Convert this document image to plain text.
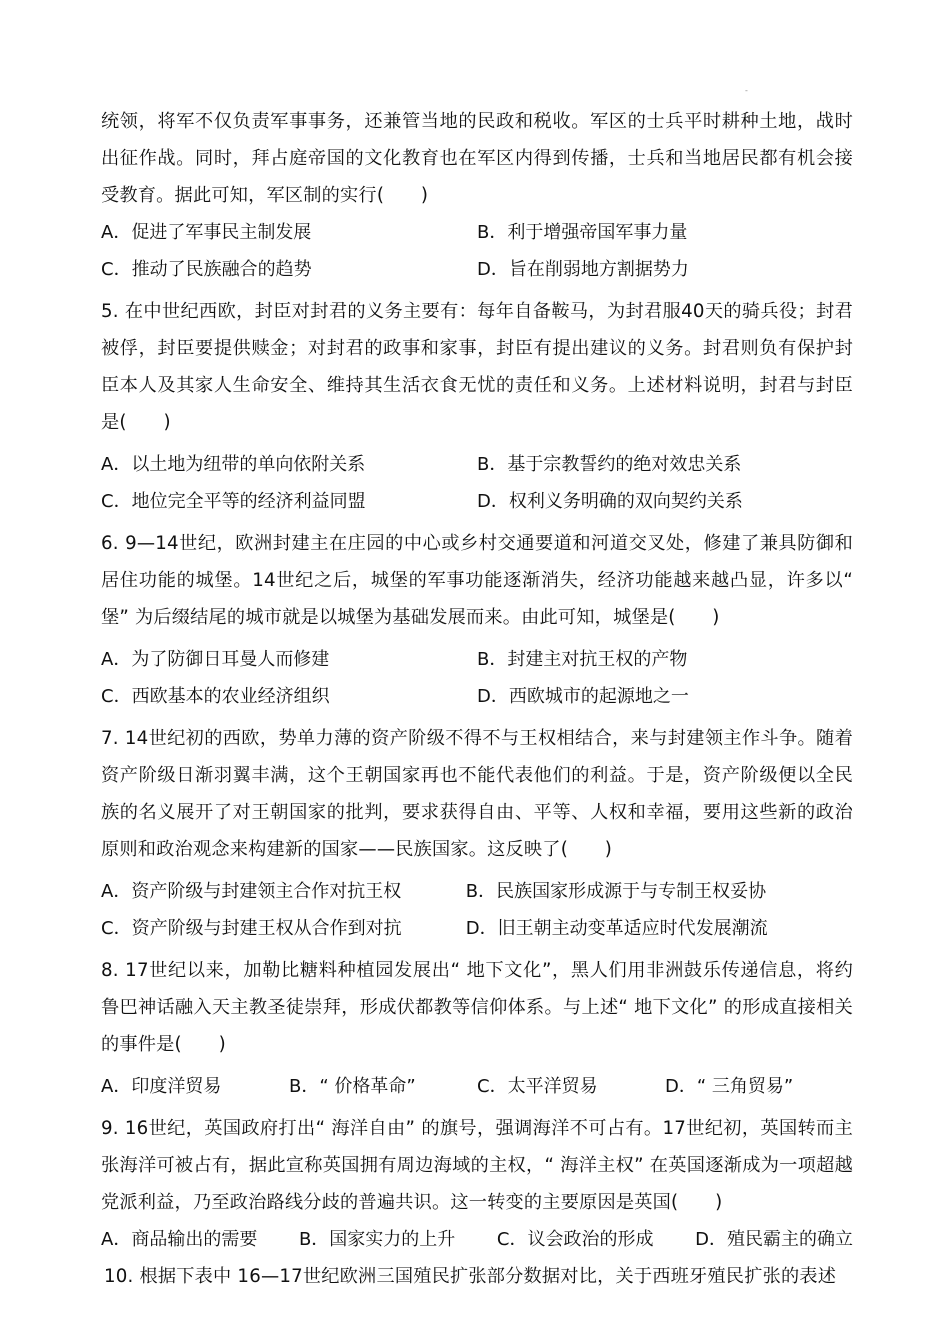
-

统领，将军不仅负责军事事务，还兼管当地的民政和税收。军区的士兵平时耕种土地，战时出征作战。同时，拜占庭帝国的文化教育也在军区内得到传播，士兵和当地居民都有机会接受教育。据此可知，军区制的实行(　　)

A．促进了军事民主制发展	B．利于增强帝国军事力量
C．推动了民族融合的趋势	D．旨在削弱地方割据势力

5. 在中世纪西欧，封臣对封君的义务主要有：每年自备鞍马，为封君服40天的骑兵役；封君被俘，封臣要提供赎金；对封君的政事和家事，封臣有提出建议的义务。封君则负有保护封臣本人及其家人生命安全、维持其生活衣食无忧的责任和义务。上述材料说明，封君与封臣是(　　)

A．以土地为纽带的单向依附关系	B．基于宗教誓约的绝对效忠关系
C．地位完全平等的经济利益同盟	D．权利义务明确的双向契约关系

6. 9—14世纪，欧洲封建主在庄园的中心或乡村交通要道和河道交叉处，修建了兼具防御和居住功能的城堡。14世纪之后，城堡的军事功能逐渐消失，经济功能越来越凸显，许多以“ 堡” 为后缀结尾的城市就是以城堡为基础发展而来。由此可知，城堡是(　　)

A．为了防御日耳曼人而修建	B．封建主对抗王权的产物
C．西欧基本的农业经济组织	D．西欧城市的起源地之一

7. 14世纪初的西欧，势单力薄的资产阶级不得不与王权相结合，来与封建领主作斗争。随着资产阶级日渐羽翼丰满，这个王朝国家再也不能代表他们的利益。于是，资产阶级便以全民族的名义展开了对王朝国家的批判，要求获得自由、平等、人权和幸福，要用这些新的政治原则和政治观念来构建新的国家——民族国家。这反映了(　　)

A．资产阶级与封建领主合作对抗王权	B．民族国家形成源于与专制王权妥协
C．资产阶级与封建王权从合作到对抗	D．旧王朝主动变革适应时代发展潮流

8. 17世纪以来，加勒比糖料种植园发展出“ 地下文化”，黑人们用非洲鼓乐传递信息，将约鲁巴神话融入天主教圣徒崇拜，形成伏都教等信仰体系。与上述“ 地下文化” 的形成直接相关的事件是(　　)

A．印度洋贸易	B．“ 价格革命”	C．太平洋贸易	D．“ 三角贸易”

9. 16世纪，英国政府打出“ 海洋自由” 的旗号，强调海洋不可占有。17世纪初，英国转而主张海洋可被占有，据此宣称英国拥有周边海域的主权，“ 海洋主权” 在英国逐渐成为一项超越党派利益，乃至政治路线分歧的普遍共识。这一转变的主要原因是英国(　　)

A．商品输出的需要 B．国家实力的上升 C．议会政治的形成 D．殖民霸主的确立

10. 根据下表中 16—17世纪欧洲三国殖民扩张部分数据对比，关于西班牙殖民扩张的表述
